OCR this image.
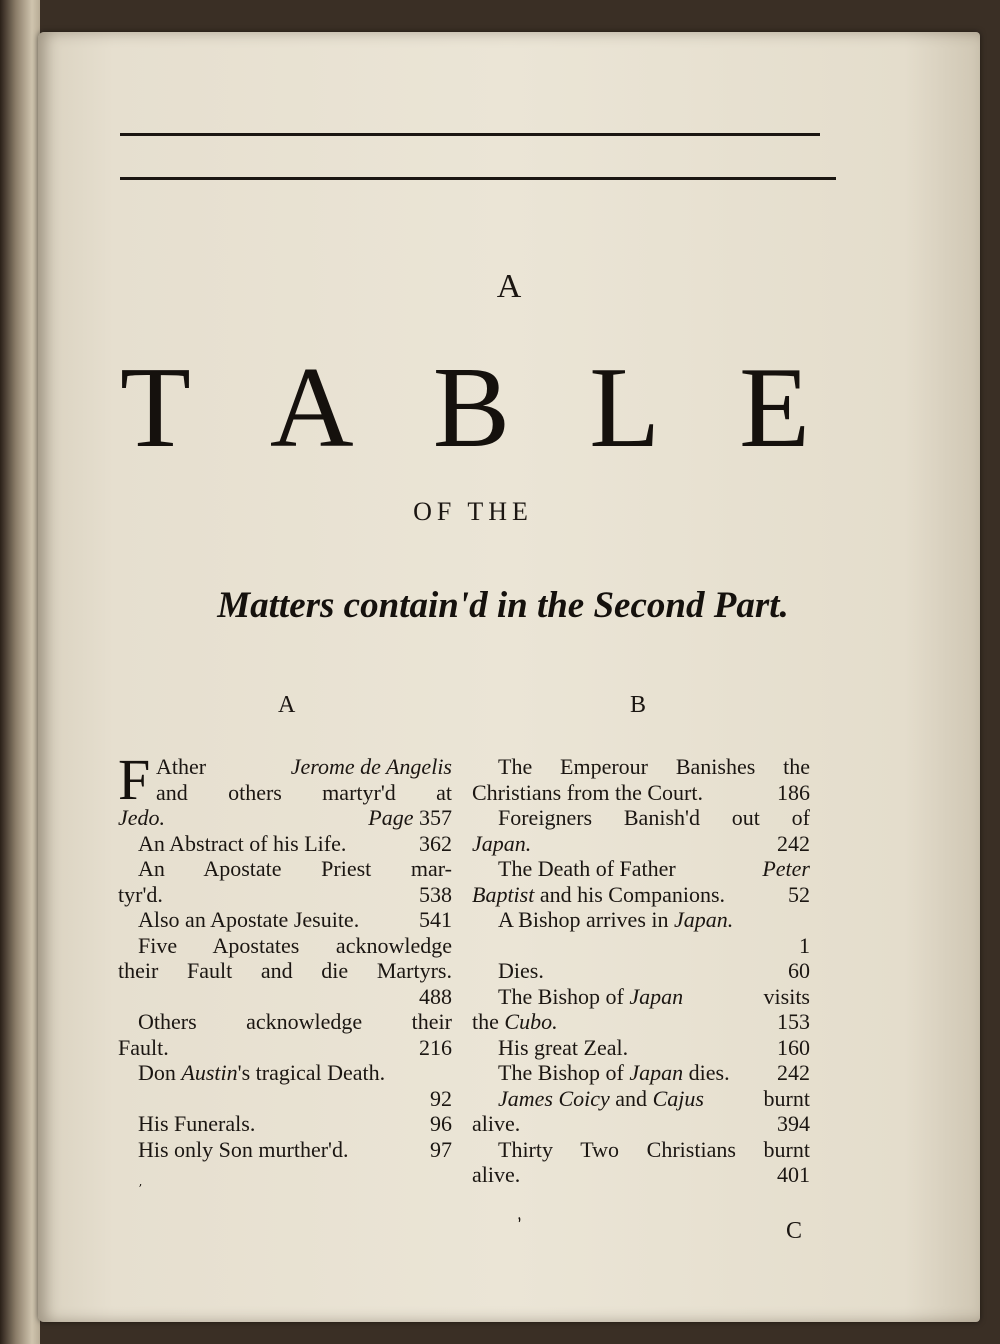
A
T A B L E
OF THE
Matters contain'd in the Second Part.
A	B
F Ather	Jerome de Angelis
and others martyr'd at
Jedo.	Page 357
An Abstract of his Life.	362
An Apostate Priest mar-
tyr'd.	538
Also an Apostate Jesuite.	541
Five Apostates acknowledge
their Fault and die Martyrs.
488
Others acknowledge their
Fault.	216
Don Austin's tragical Death.
92
His Funerals.	96
His only Son murther'd.	97
The Emperour Banishes the
Christians from the Court.	186
Foreigners Banish'd out of
Japan.	242
The Death of Father	Peter
Baptist and his Companions.	52
A Bishop arrives in Japan.
1
Dies.	60
The Bishop of Japan	visits
the Cubo.	153
His great Zeal.	160
The Bishop of Japan dies. 242
James Coicy and Cajus	burnt
alive.	394
Thirty Two Christians burnt
alive.	401
C
‚
ʼ
